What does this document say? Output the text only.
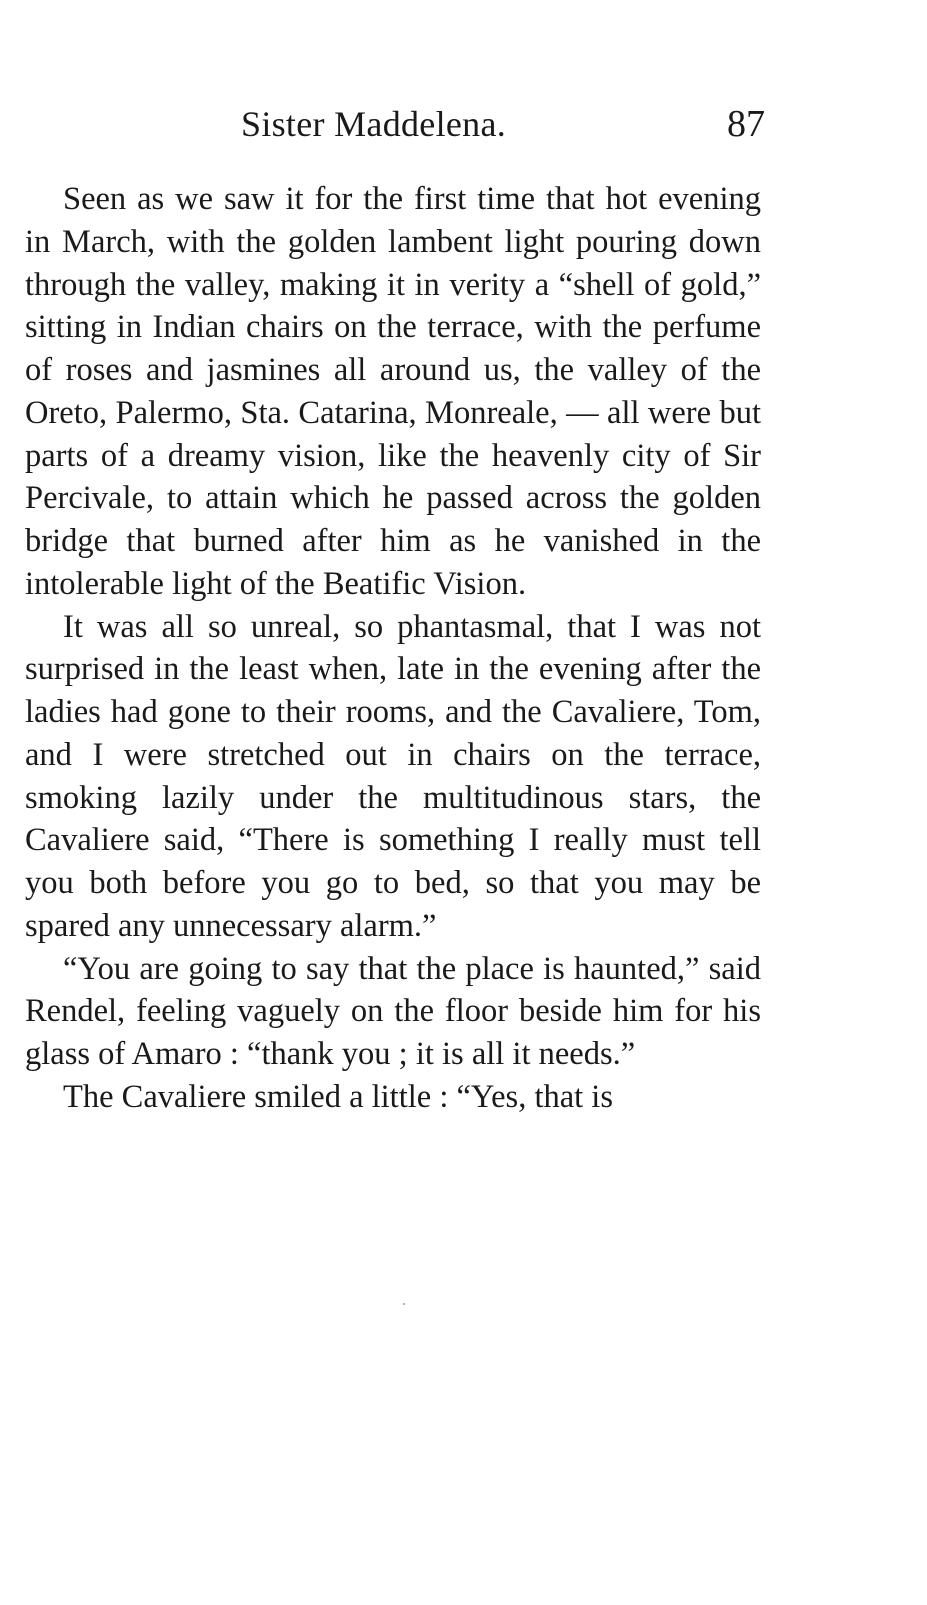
Sister Maddelena.	87

Seen as we saw it for the first time that hot evening in March, with the golden lambent light pouring down through the valley, making it in verity a “shell of gold,” sitting in Indian chairs on the terrace, with the perfume of roses and jasmines all around us, the valley of the Oreto, Palermo, Sta. Catarina, Monreale, — all were but parts of a dreamy vision, like the heavenly city of Sir Percivale, to attain which he passed across the golden bridge that burned after him as he vanished in the intolerable light of the Beatific Vision.

It was all so unreal, so phantasmal, that I was not surprised in the least when, late in the evening after the ladies had gone to their rooms, and the Cavaliere, Tom, and I were stretched out in chairs on the terrace, smoking lazily under the multitudinous stars, the Cavaliere said, “There is something I really must tell you both before you go to bed, so that you may be spared any unnecessary alarm.”

“You are going to say that the place is haunted,” said Rendel, feeling vaguely on the floor beside him for his glass of Amaro : “thank you ; it is all it needs.”

The Cavaliere smiled a little : “Yes, that is
